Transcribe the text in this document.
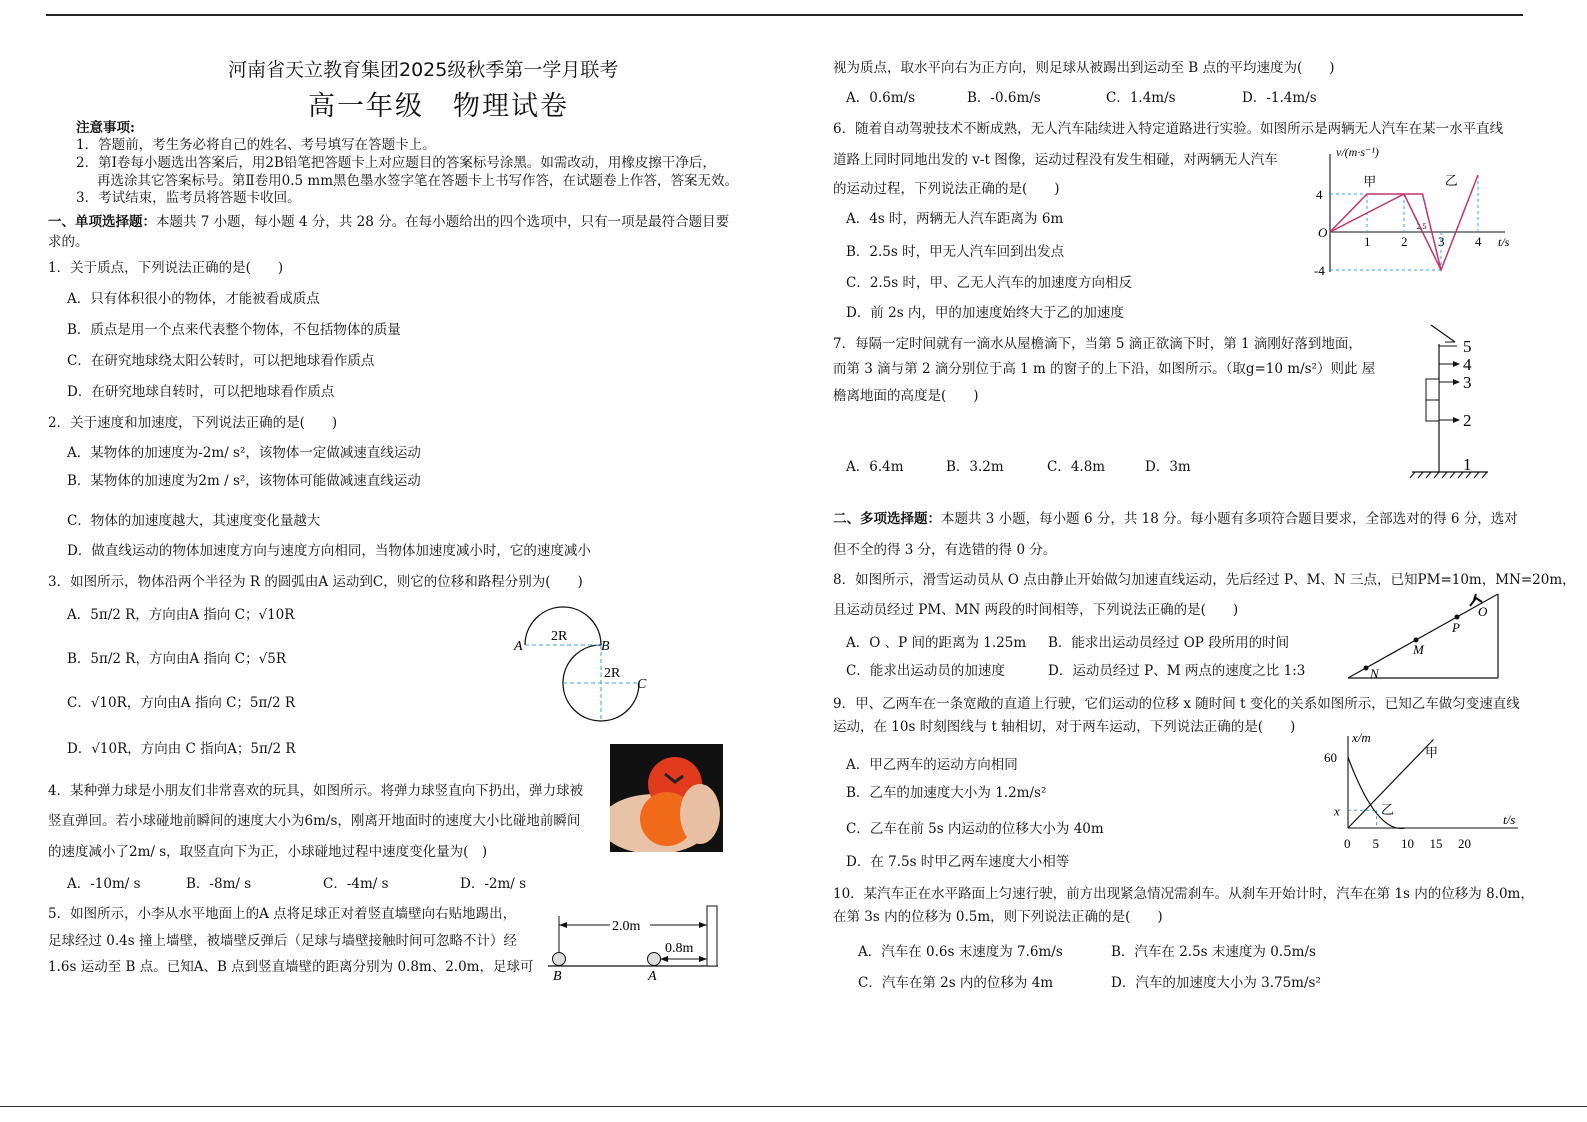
河南省天立教育集团2025级秋季第一学月联考
高一年级　物理试卷
注意事项:
1．答题前，考生务必将自己的姓名、考号填写在答题卡上。
2．第Ⅰ卷每小题选出答案后，用2B铅笔把答题卡上对应题目的答案标号涂黑。如需改动，用橡皮擦干净后，
再选涂其它答案标号。第Ⅱ卷用0.5 mm黑色墨水签字笔在答题卡上书写作答，在试题卷上作答，答案无效。
3．考试结束，监考员将答题卡收回。
一、单项选择题：本题共 7 小题，每小题 4 分，共 28 分。在每小题给出的四个选项中，只有一项是最符合题目要
求的。
1．关于质点，下列说法正确的是(　　)
A．只有体积很小的物体，才能被看成质点
B．质点是用一个点来代表整个物体，不包括物体的质量
C．在研究地球绕太阳公转时，可以把地球看作质点
D．在研究地球自转时，可以把地球看作质点
2．关于速度和加速度，下列说法正确的是(　　)
A．某物体的加速度为-2m/ s²，该物体一定做减速直线运动
B．某物体的加速度为2m / s²，该物体可能做减速直线运动
C．物体的加速度越大，其速度变化量越大
D．做直线运动的物体加速度方向与速度方向相同，当物体加速度减小时，它的速度减小
3．如图所示，物体沿两个半径为 R 的圆弧由A 运动到C，则它的位移和路程分别为(　　)
A．5π/2 R，方向由A 指向 C；√10R
B．5π/2 R，方向由A 指向 C；√5R
C．√10R，方向由A 指向 C；5π/2 R
D．√10R，方向由 C 指向A；5π/2 R
A
2R
B
2R
C
4．某种弹力球是小朋友们非常喜欢的玩具，如图所示。将弹力球竖直向下扔出，弹力球被
竖直弹回。若小球碰地前瞬间的速度大小为6m/s，刚离开地面时的速度大小比碰地前瞬间
的速度减小了2m/ s，取竖直向下为正，小球碰地过程中速度变化量为(　)
A．-10m/ s	B．-8m/ s	C．-4m/ s	D．-2m/ s
5．如图所示，小李从水平地面上的A 点将足球正对着竖直墙壁向右贴地踢出，
足球经过 0.4s 撞上墙壁，被墙壁反弹后（足球与墙壁接触时间可忽略不计）经
1.6s 运动至 B 点。已知A、B 点到竖直墙壁的距离分别为 0.8m、2.0m，足球可
2.0m
0.8m
B	A
视为质点，取水平向右为正方向，则足球从被踢出到运动至 B 点的平均速度为(　　)
A．0.6m/s	B．-0.6m/s	C．1.4m/s	D．-1.4m/s
6．随着自动驾驶技术不断成熟，无人汽车陆续进入特定道路进行实验。如图所示是两辆无人汽车在某一水平直线
道路上同时同地出发的 v-t 图像，运动过程没有发生相碰，对两辆无人汽车
的运动过程，下列说法正确的是(　　)
A．4s 时，两辆无人汽车距离为 6m
B．2.5s 时，甲无人汽车回到出发点
C．2.5s 时，甲、乙无人汽车的加速度方向相反
D．前 2s 内，甲的加速度始终大于乙的加速度
v/(m·s⁻¹)
t/s
O
4
-4
1 2 3 4
2.5
甲	乙
7．每隔一定时间就有一滴水从屋檐滴下，当第 5 滴正欲滴下时，第 1 滴刚好落到地面，
而第 3 滴与第 2 滴分别位于高 1 m 的窗子的上下沿，如图所示。（取g=10 m/s²）则此 屋
檐离地面的高度是(　　)
A．6.4m	B．3.2m	C．4.8m	D．3m
5
4
3
2
1
二、多项选择题：本题共 3 小题，每小题 6 分，共 18 分。每小题有多项符合题目要求，全部选对的得 6 分，选对
但不全的得 3 分，有选错的得 0 分。
8．如图所示，滑雪运动员从 O 点由静止开始做匀加速直线运动，先后经过 P、M、N 三点，已知PM=10m，MN=20m，
且运动员经过 PM、MN 两段的时间相等，下列说法正确的是(　　)
A．O 、P 间的距离为 1.25m B．能求出运动员经过 OP 段所用的时间
C．能求出运动员的加速度	D．运动员经过 P、M 两点的速度之比 1:3
O
P
M
N
9．甲、乙两车在一条宽敞的直道上行驶，它们运动的位移 x 随时间 t 变化的关系如图所示，已知乙车做匀变速直线
运动，在 10s 时刻图线与 t 轴相切，对于两车运动，下列说法正确的是(　　)
A．甲乙两车的运动方向相同
B．乙车的加速度大小为 1.2m/s²
C．乙车在前 5s 内运动的位移大小为 40m
D．在 7.5s 时甲乙两车速度大小相等
x/m
t/s
0 5 10 15 20
60
x
甲
乙
10．某汽车正在水平路面上匀速行驶，前方出现紧急情况需刹车。从刹车开始计时，汽车在第 1s 内的位移为 8.0m，
在第 3s 内的位移为 0.5m，则下列说法正确的是(　　)
A．汽车在 0.6s 末速度为 7.6m/s	B．汽车在 2.5s 末速度为 0.5m/s
C．汽车在第 2s 内的位移为 4m	D．汽车的加速度大小为 3.75m/s²
